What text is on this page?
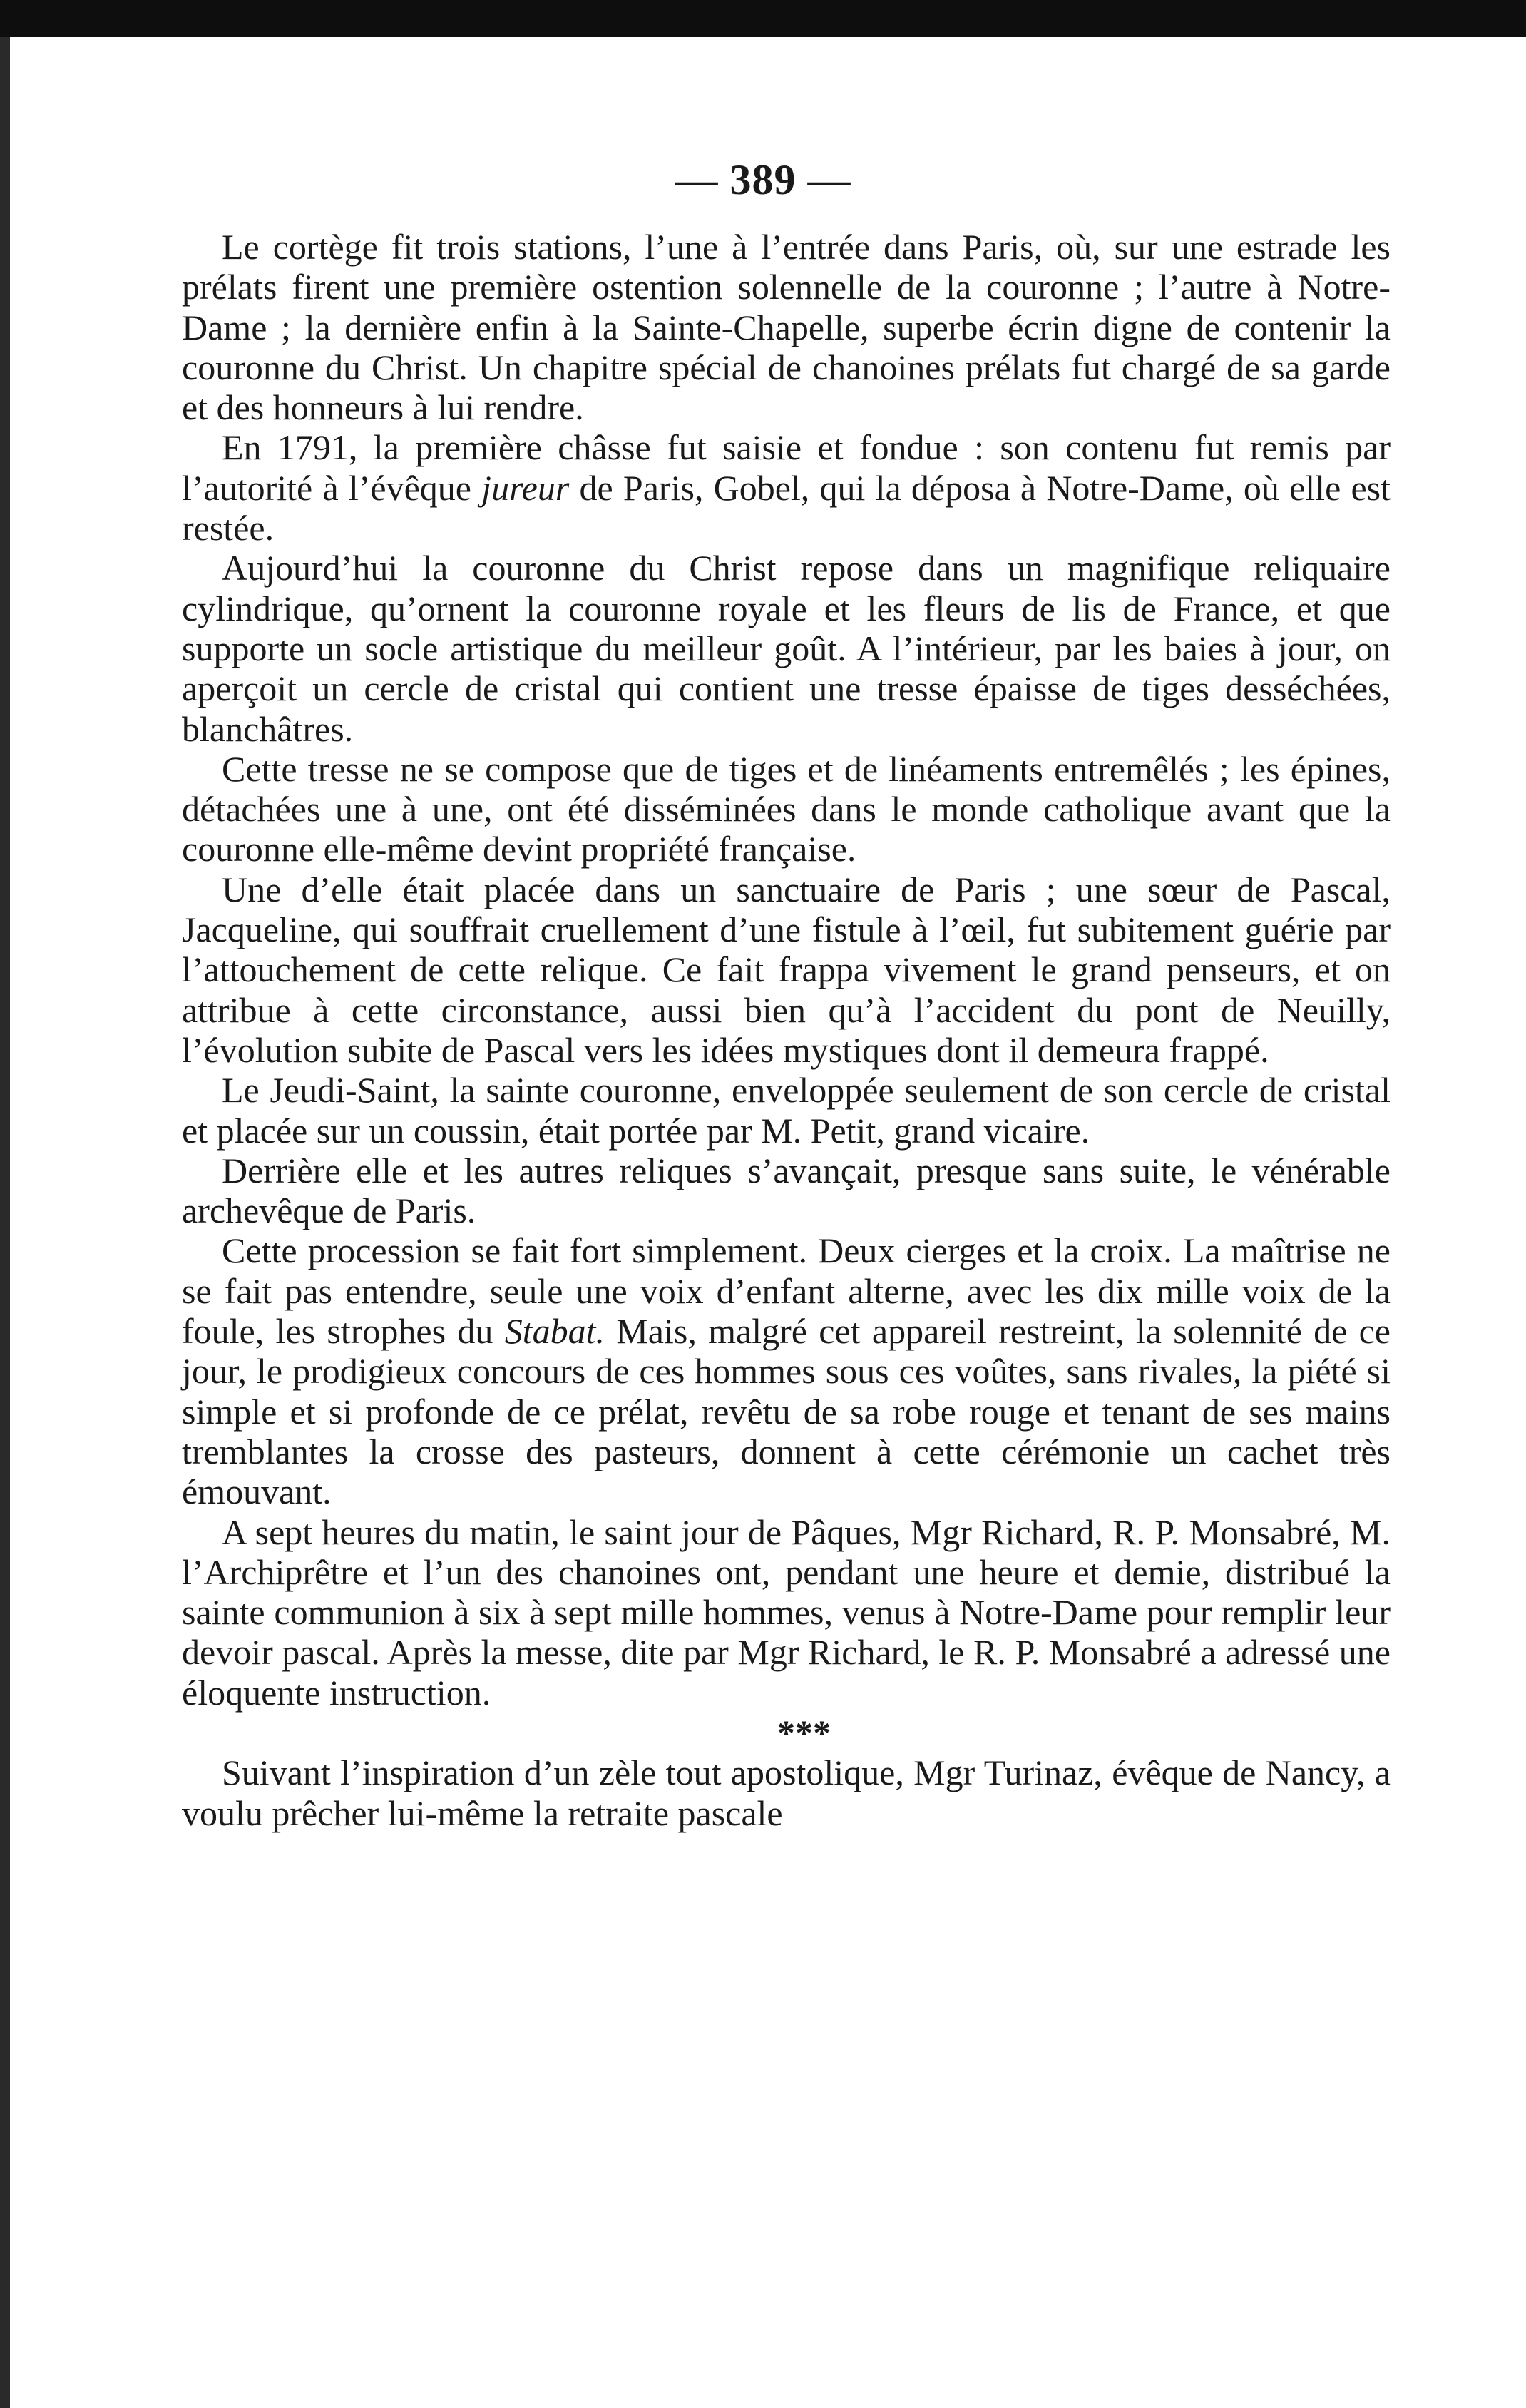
— 389 —

Le cortège fit trois stations, l’une à l’entrée dans Paris, où, sur une estrade les prélats firent une première ostention solennelle de la couronne ; l’autre à Notre-Dame ; la dernière enfin à la Sainte-Chapelle, superbe écrin digne de contenir la couronne du Christ. Un chapitre spécial de chanoines prélats fut chargé de sa garde et des honneurs à lui rendre.

En 1791, la première châsse fut saisie et fondue : son contenu fut remis par l’autorité à l’évêque jureur de Paris, Gobel, qui la déposa à Notre-Dame, où elle est restée.

Aujourd’hui la couronne du Christ repose dans un magnifique reliquaire cylindrique, qu’ornent la couronne royale et les fleurs de lis de France, et que supporte un socle artistique du meilleur goût. A l’intérieur, par les baies à jour, on aperçoit un cercle de cristal qui contient une tresse épaisse de tiges desséchées, blanchâtres.

Cette tresse ne se compose que de tiges et de linéaments entremêlés ; les épines, détachées une à une, ont été disséminées dans le monde catholique avant que la couronne elle-même devint propriété française.

Une d’elle était placée dans un sanctuaire de Paris ; une sœur de Pascal, Jacqueline, qui souffrait cruellement d’une fistule à l’œil, fut subitement guérie par l’attouchement de cette relique. Ce fait frappa vivement le grand penseurs, et on attribue à cette circonstance, aussi bien qu’à l’accident du pont de Neuilly, l’évolution subite de Pascal vers les idées mystiques dont il demeura frappé.

Le Jeudi-Saint, la sainte couronne, enveloppée seulement de son cercle de cristal et placée sur un coussin, était portée par M. Petit, grand vicaire.

Derrière elle et les autres reliques s’avançait, presque sans suite, le vénérable archevêque de Paris.

Cette procession se fait fort simplement. Deux cierges et la croix. La maîtrise ne se fait pas entendre, seule une voix d’enfant alterne, avec les dix mille voix de la foule, les strophes du Stabat. Mais, malgré cet appareil restreint, la solennité de ce jour, le prodigieux concours de ces hommes sous ces voûtes, sans rivales, la piété si simple et si profonde de ce prélat, revêtu de sa robe rouge et tenant de ses mains tremblantes la crosse des pasteurs, donnent à cette cérémonie un cachet très émouvant.

A sept heures du matin, le saint jour de Pâques, Mgr Richard, R. P. Monsabré, M. l’Archiprêtre et l’un des chanoines ont, pendant une heure et demie, distribué la sainte communion à six à sept mille hommes, venus à Notre-Dame pour remplir leur devoir pascal. Après la messe, dite par Mgr Richard, le R. P. Monsabré a adressé une éloquente instruction.

***

Suivant l’inspiration d’un zèle tout apostolique, Mgr Turinaz, évêque de Nancy, a voulu prêcher lui-même la retraite pascale
